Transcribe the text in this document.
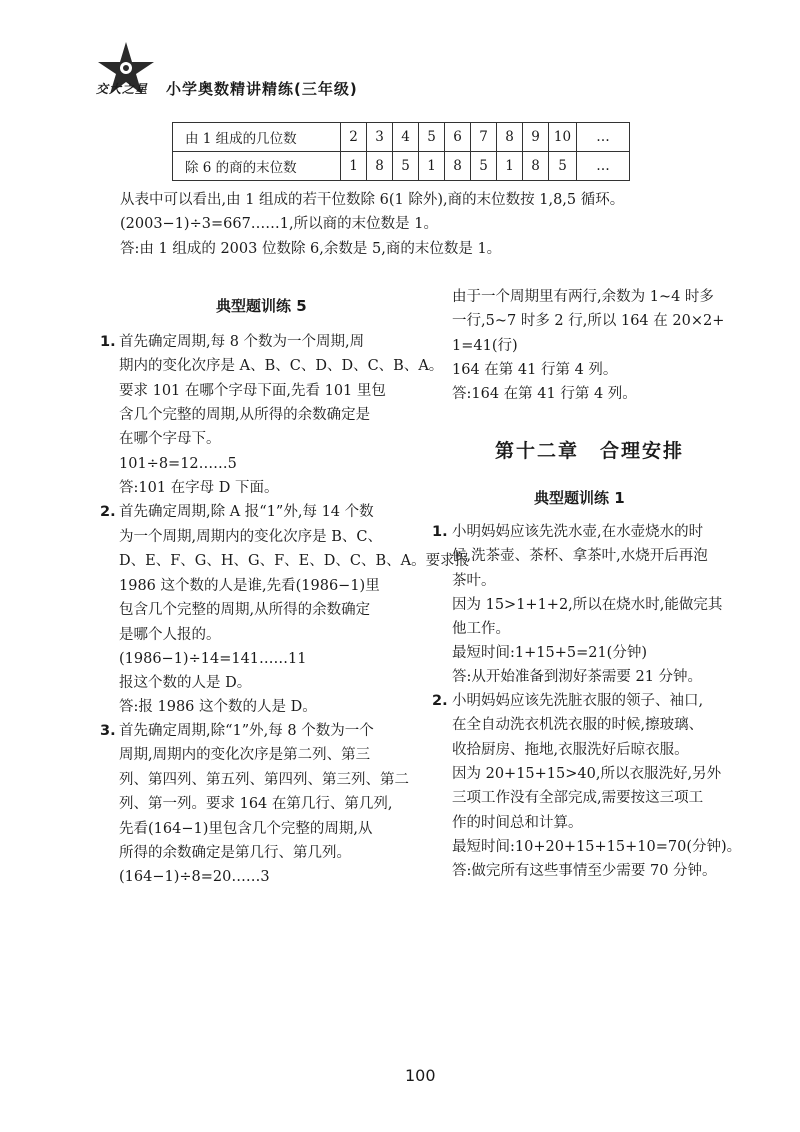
交大之星 小学奥数精讲精练(三年级)
由 1 组成的几位数	2	3	4	5	6	7	8	9	10	…
除 6 的商的末位数	1	8	5	1	8	5	1	8	5	…
从表中可以看出,由 1 组成的若干位数除 6(1 除外),商的末位数按 1,8,5 循环。
(2003−1)÷3=667……1,所以商的末位数是 1。
答:由 1 组成的 2003 位数除 6,余数是 5,商的末位数是 1。
典型题训练 5
1. 首先确定周期,每 8 个数为一个周期,周
期内的变化次序是 A、B、C、D、D、C、B、A。
要求 101 在哪个字母下面,先看 101 里包
含几个完整的周期,从所得的余数确定是
在哪个字母下。
101÷8=12……5
答:101 在字母 D 下面。
2. 首先确定周期,除 A 报“1”外,每 14 个数
为一个周期,周期内的变化次序是 B、C、
D、E、F、G、H、G、F、E、D、C、B、A。要求报
1986 这个数的人是谁,先看(1986−1)里
包含几个完整的周期,从所得的余数确定
是哪个人报的。
(1986−1)÷14=141……11
报这个数的人是 D。
答:报 1986 这个数的人是 D。
3. 首先确定周期,除“1”外,每 8 个数为一个
周期,周期内的变化次序是第二列、第三
列、第四列、第五列、第四列、第三列、第二
列、第一列。要求 164 在第几行、第几列,
先看(164−1)里包含几个完整的周期,从
所得的余数确定是第几行、第几列。
(164−1)÷8=20……3
由于一个周期里有两行,余数为 1~4 时多
一行,5~7 时多 2 行,所以 164 在 20×2+
1=41(行)
164 在第 41 行第 4 列。
答:164 在第 41 行第 4 列。
第十二章　合理安排
典型题训练 1
1. 小明妈妈应该先洗水壶,在水壶烧水的时
候,洗茶壶、茶杯、拿茶叶,水烧开后再泡
茶叶。
因为 15>1+1+2,所以在烧水时,能做完其
他工作。
最短时间:1+15+5=21(分钟)
答:从开始准备到沏好茶需要 21 分钟。
2. 小明妈妈应该先洗脏衣服的领子、袖口,
在全自动洗衣机洗衣服的时候,擦玻璃、
收拾厨房、拖地,衣服洗好后晾衣服。
因为 20+15+15>40,所以衣服洗好,另外
三项工作没有全部完成,需要按这三项工
作的时间总和计算。
最短时间:10+20+15+15+10=70(分钟)。
答:做完所有这些事情至少需要 70 分钟。
100
